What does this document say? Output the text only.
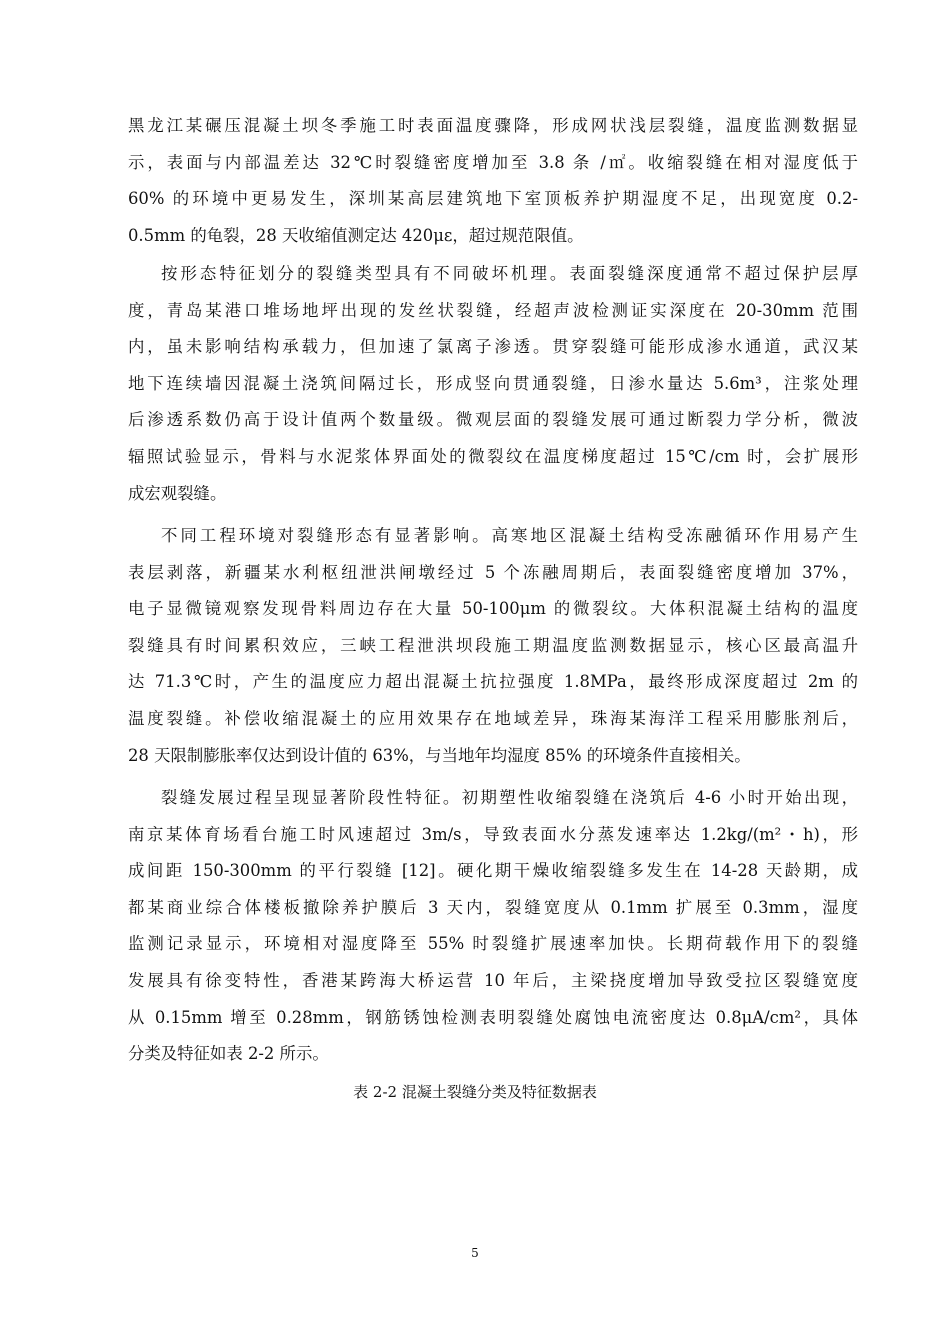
黑龙江某碾压混凝土坝冬季施工时表面温度骤降，形成网状浅层裂缝，温度监测数据显
示，表面与内部温差达 32℃时裂缝密度增加至 3.8 条 /㎡。收缩裂缝在相对湿度低于
60% 的环境中更易发生，深圳某高层建筑地下室顶板养护期湿度不足，出现宽度 0.2-
0.5mm 的龟裂，28 天收缩值测定达 420με，超过规范限值。
按形态特征划分的裂缝类型具有不同破坏机理。表面裂缝深度通常不超过保护层厚
度，青岛某港口堆场地坪出现的发丝状裂缝，经超声波检测证实深度在 20-30mm 范围
内，虽未影响结构承载力，但加速了氯离子渗透。贯穿裂缝可能形成渗水通道，武汉某
地下连续墙因混凝土浇筑间隔过长，形成竖向贯通裂缝，日渗水量达 5.6m³，注浆处理
后渗透系数仍高于设计值两个数量级。微观层面的裂缝发展可通过断裂力学分析，微波
辐照试验显示，骨料与水泥浆体界面处的微裂纹在温度梯度超过 15℃/cm 时，会扩展形
成宏观裂缝。
不同工程环境对裂缝形态有显著影响。高寒地区混凝土结构受冻融循环作用易产生
表层剥落，新疆某水利枢纽泄洪闸墩经过 5 个冻融周期后，表面裂缝密度增加 37%，
电子显微镜观察发现骨料周边存在大量 50-100μm 的微裂纹。大体积混凝土结构的温度
裂缝具有时间累积效应，三峡工程泄洪坝段施工期温度监测数据显示，核心区最高温升
达 71.3℃时，产生的温度应力超出混凝土抗拉强度 1.8MPa，最终形成深度超过 2m 的
温度裂缝。补偿收缩混凝土的应用效果存在地域差异，珠海某海洋工程采用膨胀剂后，
28 天限制膨胀率仅达到设计值的 63%，与当地年均湿度 85% 的环境条件直接相关。
裂缝发展过程呈现显著阶段性特征。初期塑性收缩裂缝在浇筑后 4-6 小时开始出现，
南京某体育场看台施工时风速超过 3m/s，导致表面水分蒸发速率达 1.2kg/(m²・h)，形
成间距 150-300mm 的平行裂缝 [12]。硬化期干燥收缩裂缝多发生在 14-28 天龄期，成
都某商业综合体楼板撤除养护膜后 3 天内，裂缝宽度从 0.1mm 扩展至 0.3mm，湿度
监测记录显示，环境相对湿度降至 55% 时裂缝扩展速率加快。长期荷载作用下的裂缝
发展具有徐变特性，香港某跨海大桥运营 10 年后，主梁挠度增加导致受拉区裂缝宽度
从 0.15mm 增至 0.28mm，钢筋锈蚀检测表明裂缝处腐蚀电流密度达 0.8μA/cm²，具体
分类及特征如表 2-2 所示。
表 2-2 混凝土裂缝分类及特征数据表
5
